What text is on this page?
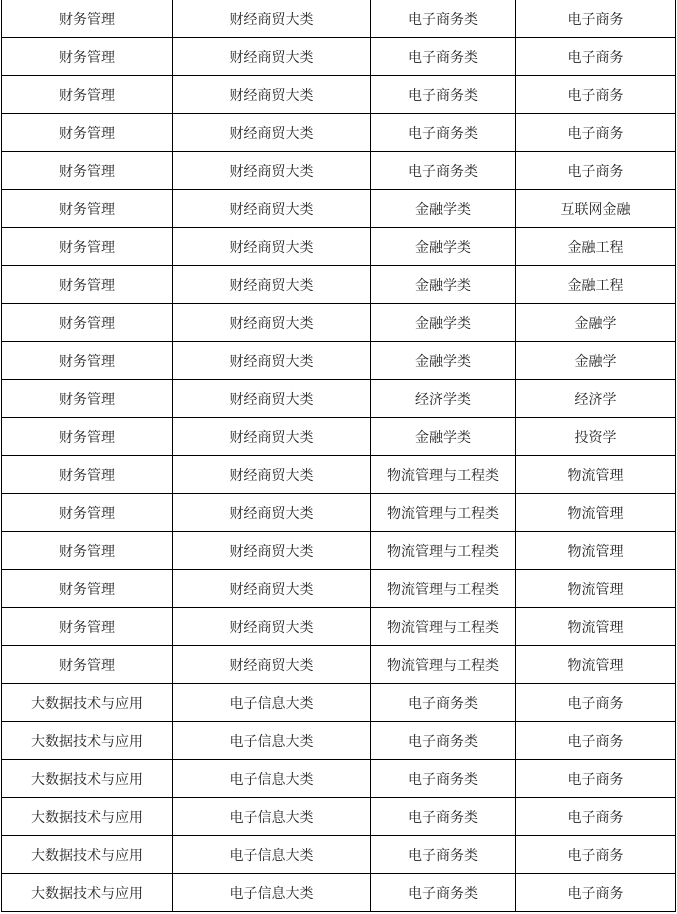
财务管理	财经商贸大类	电子商务类	电子商务
财务管理	财经商贸大类	电子商务类	电子商务
财务管理	财经商贸大类	电子商务类	电子商务
财务管理	财经商贸大类	电子商务类	电子商务
财务管理	财经商贸大类	电子商务类	电子商务
财务管理	财经商贸大类	金融学类	互联网金融
财务管理	财经商贸大类	金融学类	金融工程
财务管理	财经商贸大类	金融学类	金融工程
财务管理	财经商贸大类	金融学类	金融学
财务管理	财经商贸大类	金融学类	金融学
财务管理	财经商贸大类	经济学类	经济学
财务管理	财经商贸大类	金融学类	投资学
财务管理	财经商贸大类	物流管理与工程类	物流管理
财务管理	财经商贸大类	物流管理与工程类	物流管理
财务管理	财经商贸大类	物流管理与工程类	物流管理
财务管理	财经商贸大类	物流管理与工程类	物流管理
财务管理	财经商贸大类	物流管理与工程类	物流管理
财务管理	财经商贸大类	物流管理与工程类	物流管理
大数据技术与应用	电子信息大类	电子商务类	电子商务
大数据技术与应用	电子信息大类	电子商务类	电子商务
大数据技术与应用	电子信息大类	电子商务类	电子商务
大数据技术与应用	电子信息大类	电子商务类	电子商务
大数据技术与应用	电子信息大类	电子商务类	电子商务
大数据技术与应用	电子信息大类	电子商务类	电子商务
